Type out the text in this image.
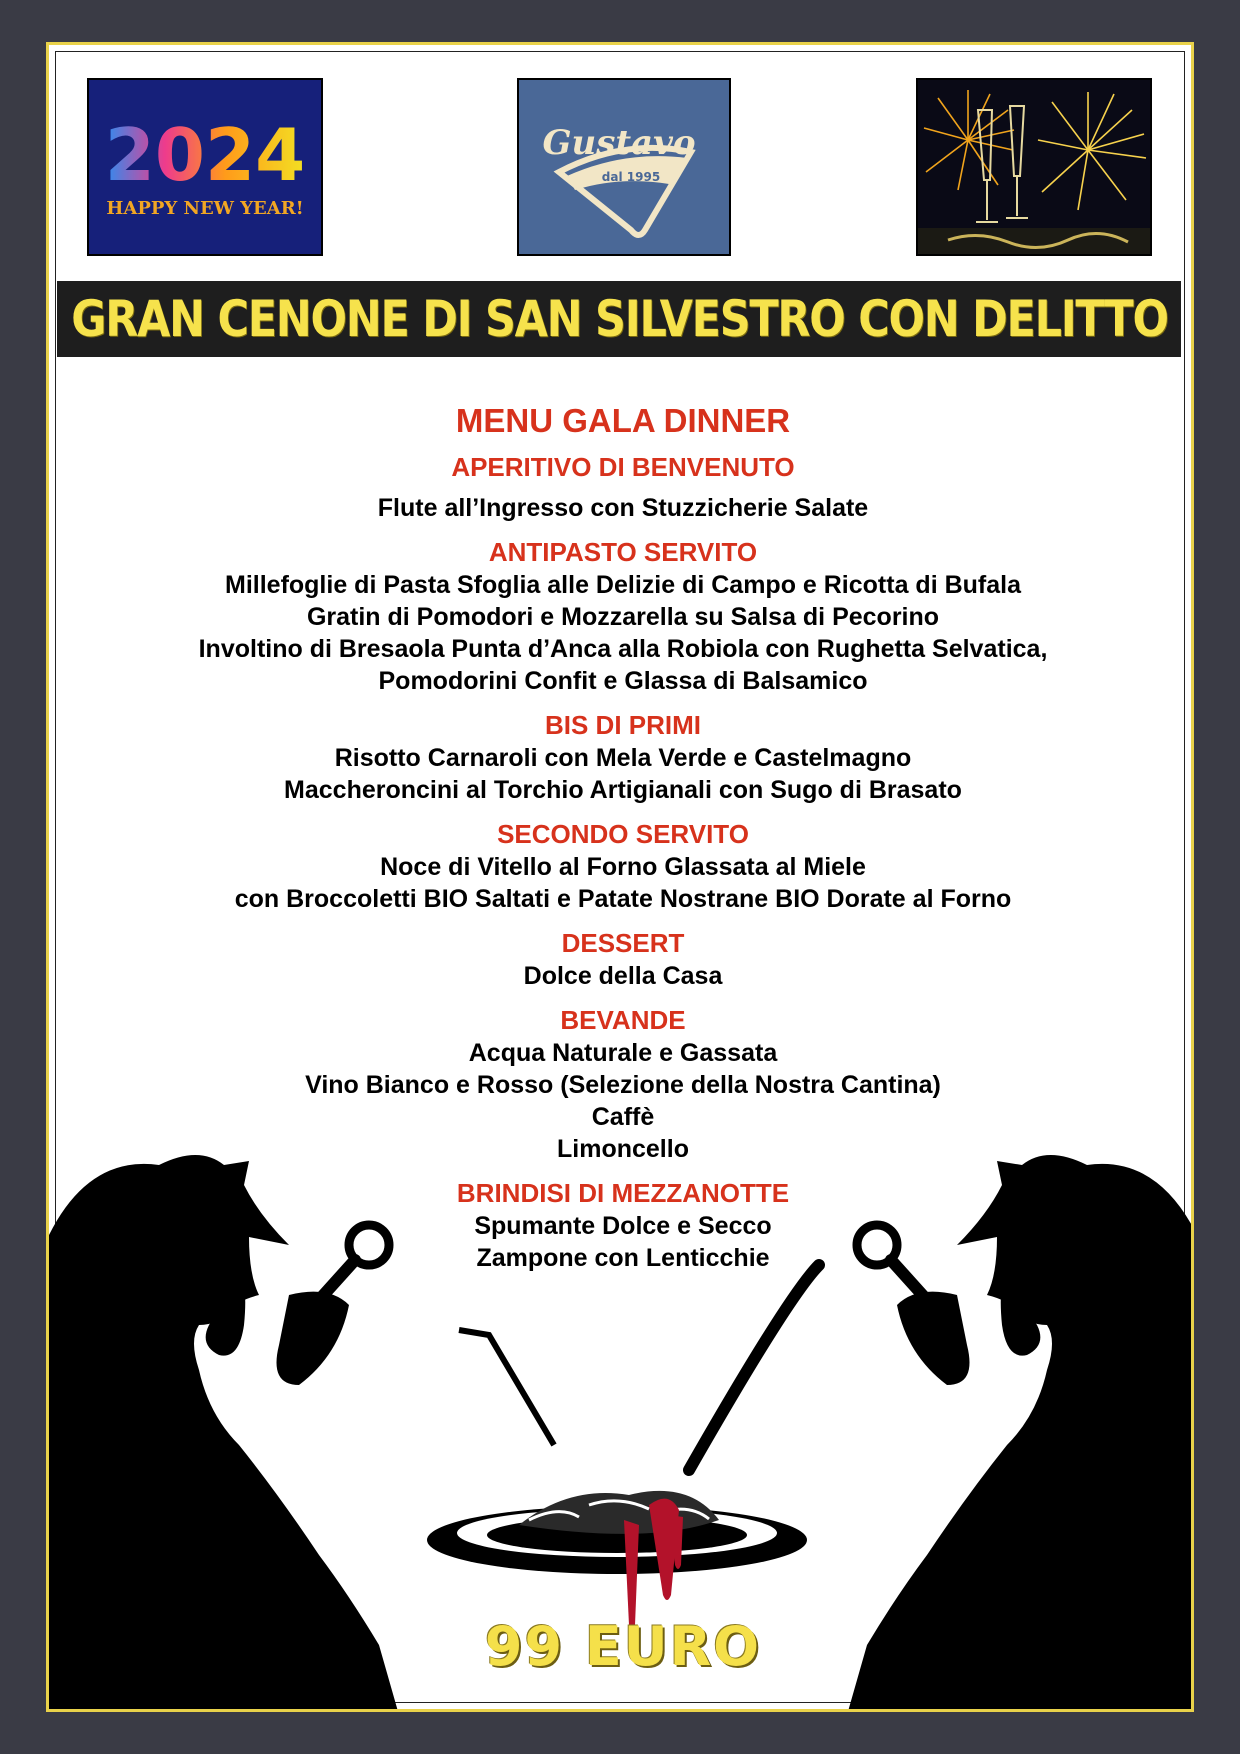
2024
HAPPY NEW YEAR!
Gustavo
dal 1995
GRAN CENONE DI SAN SILVESTRO CON DELITTO
MENU GALA DINNER
APERITIVO DI BENVENUTO
Flute all’Ingresso con Stuzzicherie Salate
ANTIPASTO SERVITO
Millefoglie di Pasta Sfoglia alle Delizie di Campo e Ricotta di Bufala
Gratin di Pomodori e Mozzarella su Salsa di Pecorino
Involtino di Bresaola Punta d’Anca alla Robiola con Rughetta Selvatica,
Pomodorini Confit e Glassa di Balsamico
BIS DI PRIMI
Risotto Carnaroli con Mela Verde e Castelmagno
Maccheroncini al Torchio Artigianali con Sugo di Brasato
SECONDO SERVITO
Noce di Vitello al Forno Glassata al Miele
con Broccoletti BIO Saltati e Patate Nostrane BIO Dorate al Forno
DESSERT
Dolce della Casa
BEVANDE
Acqua Naturale e Gassata
Vino Bianco e Rosso (Selezione della Nostra Cantina)
Caffè
Limoncello
BRINDISI DI MEZZANOTTE
Spumante Dolce e Secco
Zampone con Lenticchie
99 EURO
